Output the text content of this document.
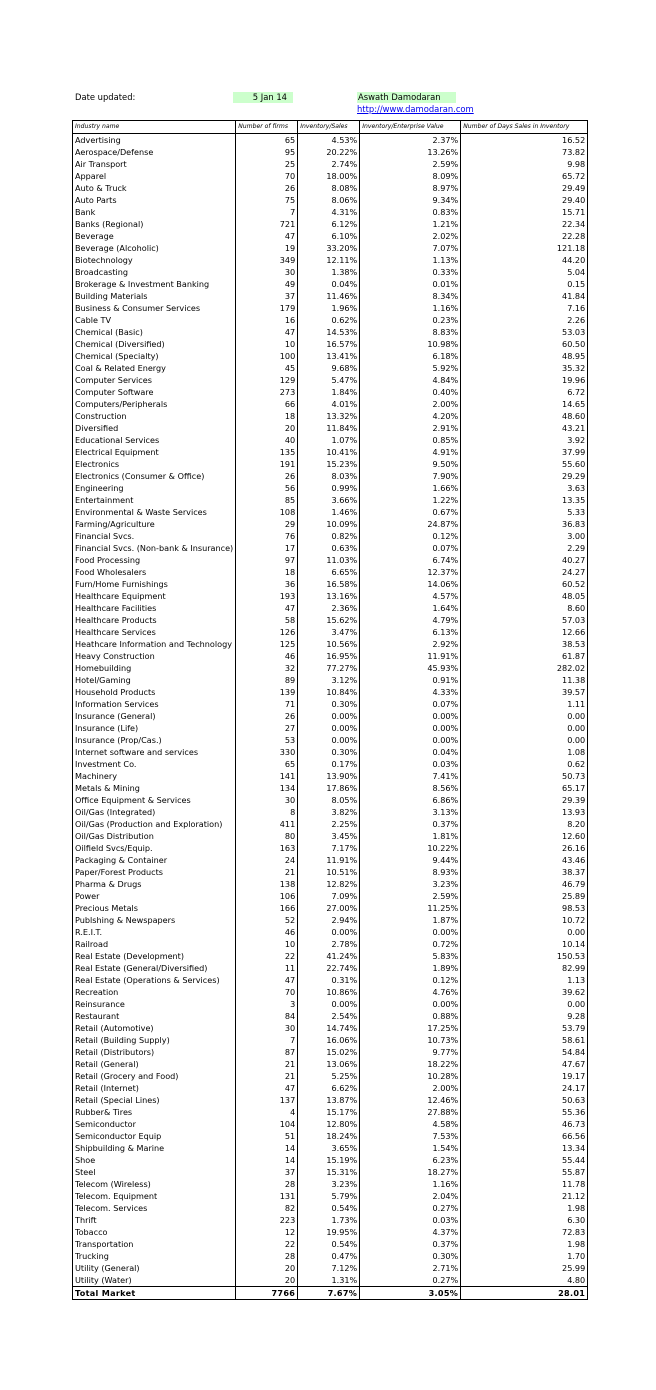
Date updated:	5 Jan 14	Aswath Damodaran
http://www.damodaran.com
Industry name	Number of firms	Inventory/Sales	Inventory/Enterprise Value	Number of Days Sales in Inventory
Advertising	65	4.53%	2.37%	16.52
Aerospace/Defense	95	20.22%	13.26%	73.82
Air Transport	25	2.74%	2.59%	9.98
Apparel	70	18.00%	8.09%	65.72
Auto & Truck	26	8.08%	8.97%	29.49
Auto Parts	75	8.06%	9.34%	29.40
Bank	7	4.31%	0.83%	15.71
Banks (Regional)	721	6.12%	1.21%	22.34
Beverage	47	6.10%	2.02%	22.28
Beverage (Alcoholic)	19	33.20%	7.07%	121.18
Biotechnology	349	12.11%	1.13%	44.20
Broadcasting	30	1.38%	0.33%	5.04
Brokerage & Investment Banking	49	0.04%	0.01%	0.15
Building Materials	37	11.46%	8.34%	41.84
Business & Consumer Services	179	1.96%	1.16%	7.16
Cable TV	16	0.62%	0.23%	2.26
Chemical (Basic)	47	14.53%	8.83%	53.03
Chemical (Diversified)	10	16.57%	10.98%	60.50
Chemical (Specialty)	100	13.41%	6.18%	48.95
Coal & Related Energy	45	9.68%	5.92%	35.32
Computer Services	129	5.47%	4.84%	19.96
Computer Software	273	1.84%	0.40%	6.72
Computers/Peripherals	66	4.01%	2.00%	14.65
Construction	18	13.32%	4.20%	48.60
Diversified	20	11.84%	2.91%	43.21
Educational Services	40	1.07%	0.85%	3.92
Electrical Equipment	135	10.41%	4.91%	37.99
Electronics	191	15.23%	9.50%	55.60
Electronics (Consumer & Office)	26	8.03%	7.90%	29.29
Engineering	56	0.99%	1.66%	3.63
Entertainment	85	3.66%	1.22%	13.35
Environmental & Waste Services	108	1.46%	0.67%	5.33
Farming/Agriculture	29	10.09%	24.87%	36.83
Financial Svcs.	76	0.82%	0.12%	3.00
Financial Svcs. (Non-bank & Insurance)	17	0.63%	0.07%	2.29
Food Processing	97	11.03%	6.74%	40.27
Food Wholesalers	18	6.65%	12.37%	24.27
Furn/Home Furnishings	36	16.58%	14.06%	60.52
Healthcare Equipment	193	13.16%	4.57%	48.05
Healthcare Facilities	47	2.36%	1.64%	8.60
Healthcare Products	58	15.62%	4.79%	57.03
Healthcare Services	126	3.47%	6.13%	12.66
Heathcare Information and Technology	125	10.56%	2.92%	38.53
Heavy Construction	46	16.95%	11.91%	61.87
Homebuilding	32	77.27%	45.93%	282.02
Hotel/Gaming	89	3.12%	0.91%	11.38
Household Products	139	10.84%	4.33%	39.57
Information Services	71	0.30%	0.07%	1.11
Insurance (General)	26	0.00%	0.00%	0.00
Insurance (Life)	27	0.00%	0.00%	0.00
Insurance (Prop/Cas.)	53	0.00%	0.00%	0.00
Internet software and services	330	0.30%	0.04%	1.08
Investment Co.	65	0.17%	0.03%	0.62
Machinery	141	13.90%	7.41%	50.73
Metals & Mining	134	17.86%	8.56%	65.17
Office Equipment & Services	30	8.05%	6.86%	29.39
Oil/Gas (Integrated)	8	3.82%	3.13%	13.93
Oil/Gas (Production and Exploration)	411	2.25%	0.37%	8.20
Oil/Gas Distribution	80	3.45%	1.81%	12.60
Oilfield Svcs/Equip.	163	7.17%	10.22%	26.16
Packaging & Container	24	11.91%	9.44%	43.46
Paper/Forest Products	21	10.51%	8.93%	38.37
Pharma & Drugs	138	12.82%	3.23%	46.79
Power	106	7.09%	2.59%	25.89
Precious Metals	166	27.00%	11.25%	98.53
Publshing & Newspapers	52	2.94%	1.87%	10.72
R.E.I.T.	46	0.00%	0.00%	0.00
Railroad	10	2.78%	0.72%	10.14
Real Estate (Development)	22	41.24%	5.83%	150.53
Real Estate (General/Diversified)	11	22.74%	1.89%	82.99
Real Estate (Operations & Services)	47	0.31%	0.12%	1.13
Recreation	70	10.86%	4.76%	39.62
Reinsurance	3	0.00%	0.00%	0.00
Restaurant	84	2.54%	0.88%	9.28
Retail (Automotive)	30	14.74%	17.25%	53.79
Retail (Building Supply)	7	16.06%	10.73%	58.61
Retail (Distributors)	87	15.02%	9.77%	54.84
Retail (General)	21	13.06%	18.22%	47.67
Retail (Grocery and Food)	21	5.25%	10.28%	19.17
Retail (Internet)	47	6.62%	2.00%	24.17
Retail (Special Lines)	137	13.87%	12.46%	50.63
Rubber& Tires	4	15.17%	27.88%	55.36
Semiconductor	104	12.80%	4.58%	46.73
Semiconductor Equip	51	18.24%	7.53%	66.56
Shipbuilding & Marine	14	3.65%	1.54%	13.34
Shoe	14	15.19%	6.23%	55.44
Steel	37	15.31%	18.27%	55.87
Telecom (Wireless)	28	3.23%	1.16%	11.78
Telecom. Equipment	131	5.79%	2.04%	21.12
Telecom. Services	82	0.54%	0.27%	1.98
Thrift	223	1.73%	0.03%	6.30
Tobacco	12	19.95%	4.37%	72.83
Transportation	22	0.54%	0.37%	1.98
Trucking	28	0.47%	0.30%	1.70
Utility (General)	20	7.12%	2.71%	25.99
Utility (Water)	20	1.31%	0.27%	4.80
Total Market	7766	7.67%	3.05%	28.01
